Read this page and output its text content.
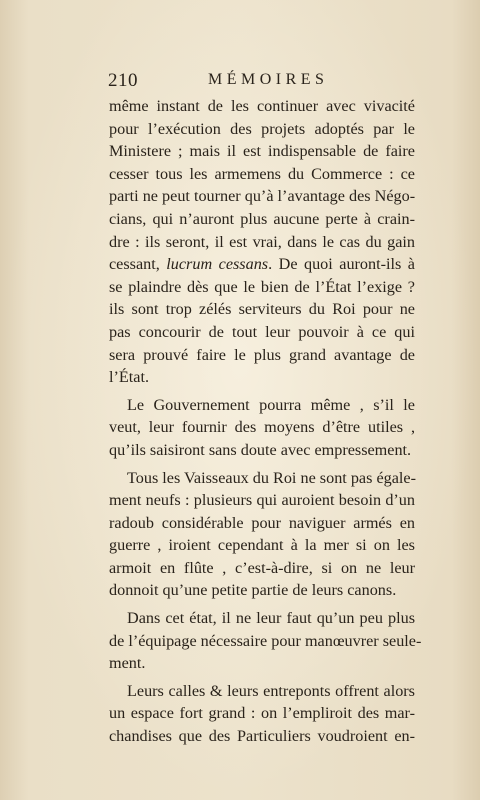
210	MÉMOIRES
même instant de les continuer avec vivacité
pour l’exécution des projets adoptés par le
Ministere ; mais il est indispensable de faire
cesser tous les armemens du Commerce : ce
parti ne peut tourner qu’à l’avantage des Négo-
cians, qui n’auront plus aucune perte à crain-
dre : ils seront, il est vrai, dans le cas du gain
cessant, lucrum cessans. De quoi auront-ils à
se plaindre dès que le bien de l’État l’exige ?
ils sont trop zélés serviteurs du Roi pour ne
pas concourir de tout leur pouvoir à ce qui
sera prouvé faire le plus grand avantage de
l’État.
Le Gouvernement pourra même , s’il le
veut, leur fournir des moyens d’être utiles ,
qu’ils saisiront sans doute avec empressement.
Tous les Vaisseaux du Roi ne sont pas égale-
ment neufs : plusieurs qui auroient besoin d’un
radoub considérable pour naviguer armés en
guerre , iroient cependant à la mer si on les
armoit en flûte , c’est-à-dire, si on ne leur
donnoit qu’une petite partie de leurs canons.
Dans cet état, il ne leur faut qu’un peu plus
de l’équipage nécessaire pour manœuvrer seule-
ment.
Leurs calles & leurs entreponts offrent alors
un espace fort grand : on l’empliroit des mar-
chandises que des Particuliers voudroient en-
